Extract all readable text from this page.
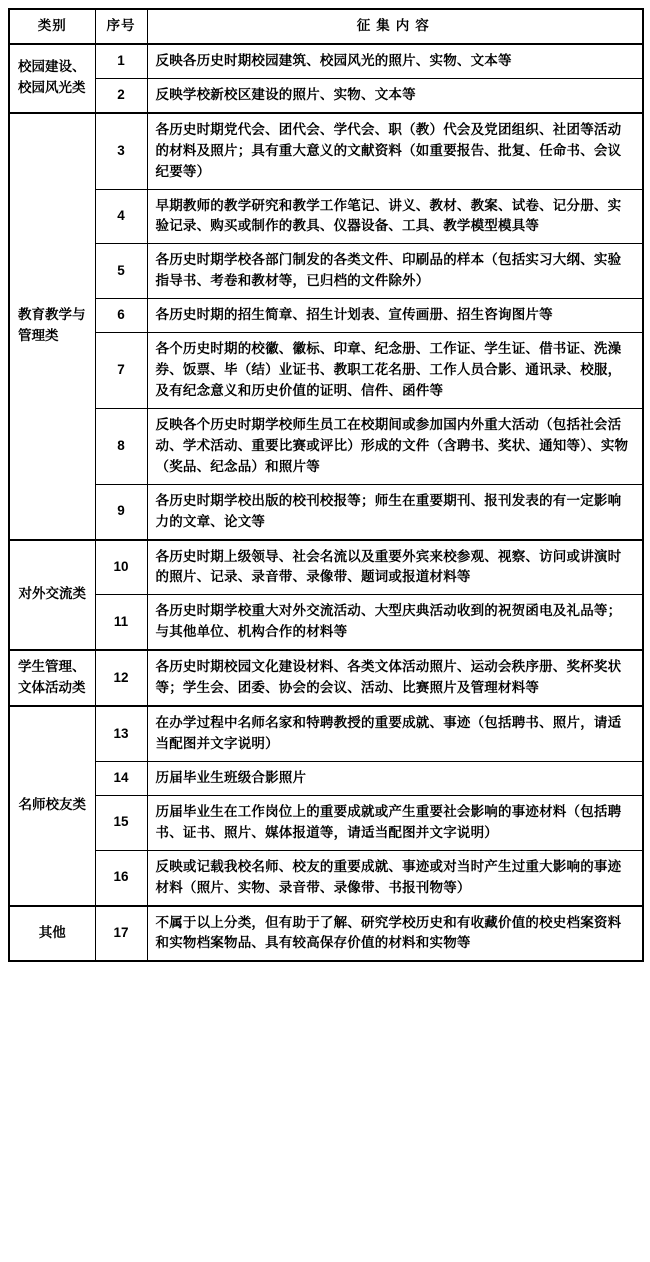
类别	序号	征集内容
校园建设、
校园风光类	1	反映各历史时期校园建筑、校园风光的照片、实物、文本等
	2	反映学校新校区建设的照片、实物、文本等
教育教学与
管理类	3	各历史时期党代会、团代会、学代会、职（教）代会及党团组织、社团等活动的材料及照片；具有重大意义的文献资料（如重要报告、批复、任命书、会议纪要等）
	4	早期教师的教学研究和教学工作笔记、讲义、教材、教案、试卷、记分册、实验记录、购买或制作的教具、仪器设备、工具、教学模型模具等
	5	各历史时期学校各部门制发的各类文件、印刷品的样本（包括实习大纲、实验指导书、考卷和教材等，已归档的文件除外）
	6	各历史时期的招生简章、招生计划表、宣传画册、招生咨询图片等
	7	各个历史时期的校徽、徽标、印章、纪念册、工作证、学生证、借书证、洗澡券、饭票、毕（结）业证书、教职工花名册、工作人员合影、通讯录、校服，及有纪念意义和历史价值的证明、信件、函件等
	8	反映各个历史时期学校师生员工在校期间或参加国内外重大活动（包括社会活动、学术活动、重要比赛或评比）形成的文件（含聘书、奖状、通知等）、实物（奖品、纪念品）和照片等
	9	各历史时期学校出版的校刊校报等；师生在重要期刊、报刊发表的有一定影响力的文章、论文等
对外交流类	10	各历史时期上级领导、社会名流以及重要外宾来校参观、视察、访问或讲演时的照片、记录、录音带、录像带、题词或报道材料等
	11	各历史时期学校重大对外交流活动、大型庆典活动收到的祝贺函电及礼品等；与其他单位、机构合作的材料等
学生管理、
文体活动类	12	各历史时期校园文化建设材料、各类文体活动照片、运动会秩序册、奖杯奖状等；学生会、团委、协会的会议、活动、比赛照片及管理材料等
名师校友类	13	在办学过程中名师名家和特聘教授的重要成就、事迹（包括聘书、照片，请适当配图并文字说明）
	14	历届毕业生班级合影照片
	15	历届毕业生在工作岗位上的重要成就或产生重要社会影响的事迹材料（包括聘书、证书、照片、媒体报道等，请适当配图并文字说明）
	16	反映或记载我校名师、校友的重要成就、事迹或对当时产生过重大影响的事迹材料（照片、实物、录音带、录像带、书报刊物等）
其他	17	不属于以上分类，但有助于了解、研究学校历史和有收藏价值的校史档案资料和实物档案物品、具有较高保存价值的材料和实物等
